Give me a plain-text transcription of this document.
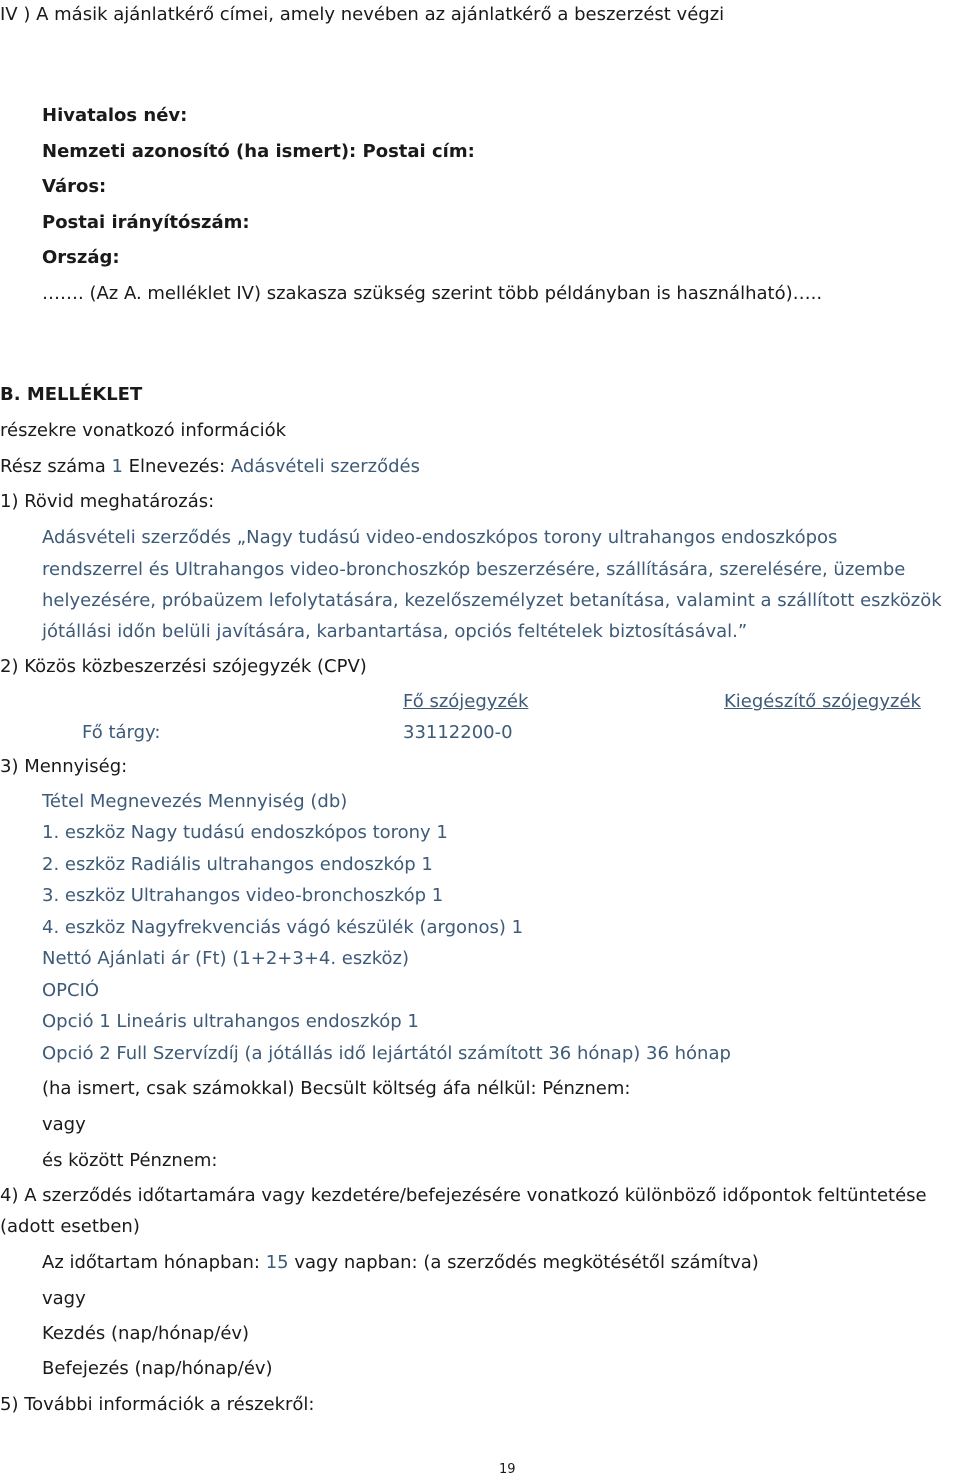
IV ) A másik ajánlatkérő címei, amely nevében az ajánlatkérő a beszerzést végzi
Hivatalos név:
Nemzeti azonosító (ha ismert): Postai cím:
Város:
Postai irányítószám:
Ország:
……. (Az A. melléklet IV) szakasza szükség szerint több példányban is használható)…..
B. MELLÉKLET
részekre vonatkozó információk
Rész száma 1 Elnevezés: Adásvételi szerződés
1) Rövid meghatározás:
Adásvételi szerződés „Nagy tudású video-endoszkópos torony ultrahangos endoszkópos
rendszerrel és Ultrahangos video-bronchoszkóp beszerzésére, szállítására, szerelésére, üzembe
helyezésére, próbaüzem lefolytatására, kezelőszemélyzet betanítása, valamint a szállított eszközök
jótállási időn belüli javítására, karbantartása, opciós feltételek biztosításával.”
2) Közös közbeszerzési szójegyzék (CPV)
Fő szójegyzék	Kiegészítő szójegyzék
Fő tárgy:	33112200-0
3) Mennyiség:
Tétel Megnevezés Mennyiség (db)
1. eszköz Nagy tudású endoszkópos torony 1
2. eszköz Radiális ultrahangos endoszkóp 1
3. eszköz Ultrahangos video-bronchoszkóp 1
4. eszköz Nagyfrekvenciás vágó készülék (argonos) 1
Nettó Ajánlati ár (Ft) (1+2+3+4. eszköz)
OPCIÓ
Opció 1 Lineáris ultrahangos endoszkóp 1
Opció 2 Full Szervízdíj (a jótállás idő lejártától számított 36 hónap) 36 hónap
(ha ismert, csak számokkal) Becsült költség áfa nélkül: Pénznem:
vagy
és között Pénznem:
4) A szerződés időtartamára vagy kezdetére/befejezésére vonatkozó különböző időpontok feltüntetése
(adott esetben)
Az időtartam hónapban: 15 vagy napban: (a szerződés megkötésétől számítva)
vagy
Kezdés (nap/hónap/év)
Befejezés (nap/hónap/év)
5) További információk a részekről:
19
